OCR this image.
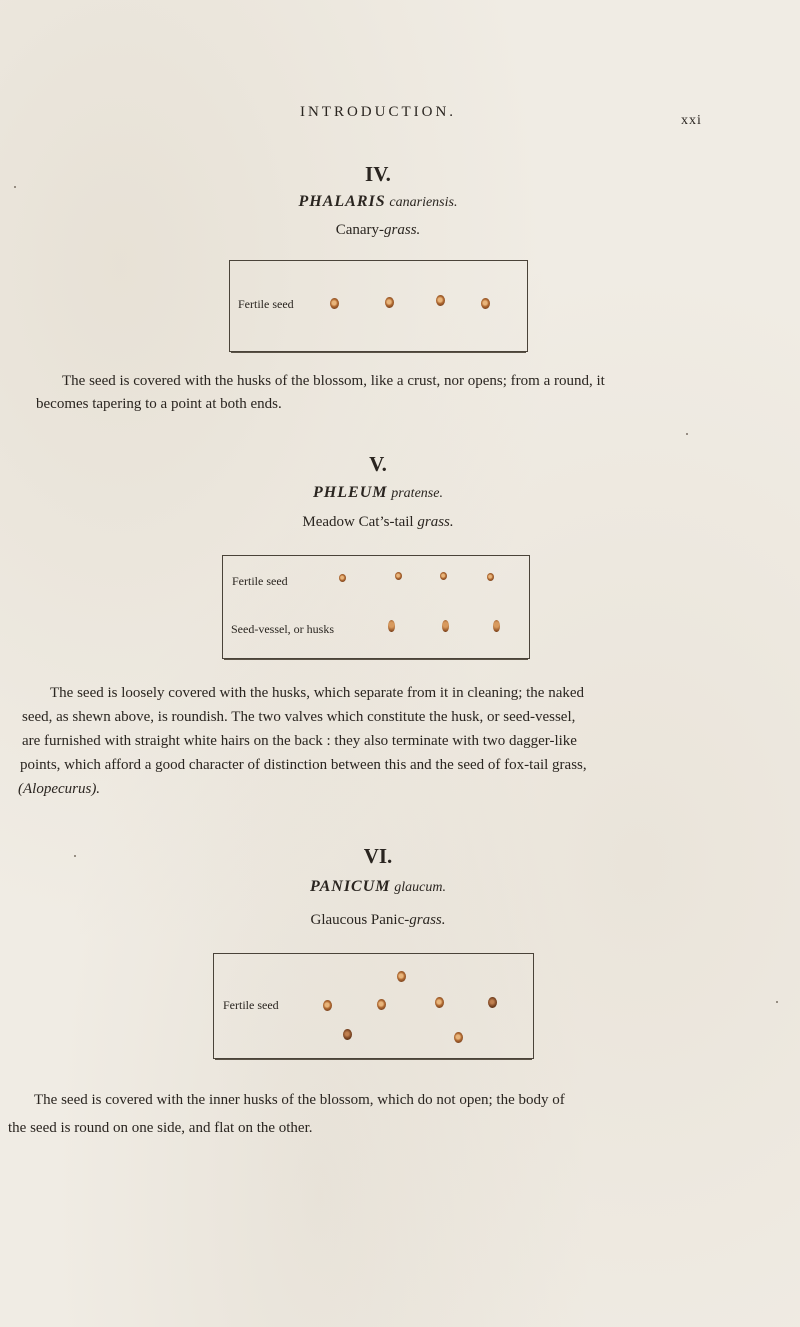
INTRODUCTION.
xxi
IV.
PHALARIS canariensis.
Canary-grass.
Fertile seed
The seed is covered with the husks of the blossom, like a crust, nor opens; from a round, it
becomes tapering to a point at both ends.
V.
PHLEUM pratense.
Meadow Cat’s-tail grass.
Fertile seed
Seed-vessel, or husks
The seed is loosely covered with the husks, which separate from it in cleaning; the naked
seed, as shewn above, is roundish. The two valves which constitute the husk, or seed-vessel,
are furnished with straight white hairs on the back : they also terminate with two dagger-like
points, which afford a good character of distinction between this and the seed of fox-tail grass,
(Alopecurus).
VI.
PANICUM glaucum.
Glaucous Panic-grass.
Fertile seed
The seed is covered with the inner husks of the blossom, which do not open; the body of
the seed is round on one side, and flat on the other.
